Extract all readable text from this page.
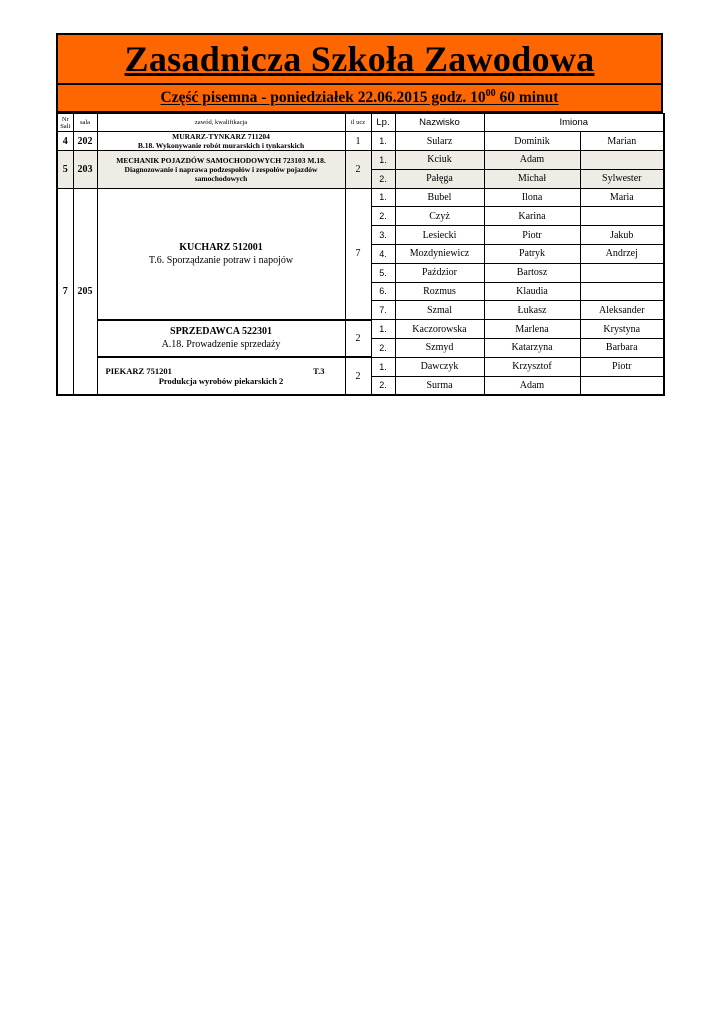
Zasadnicza Szkoła Zawodowa
Część pisemna - poniedziałek 22.06.2015 godz. $10^{00}$ 60 minut
Nr Sali	sala	zawód, kwalifikacja	il ucz	Lp.	Nazwisko	Imiona	
4	202	MURARZ-TYNKARZ 711204
B.18. Wykonywanie robót murarskich i tynkarskich	1	1.	Sularz	Dominik	Marian
5	203	MECHANIK POJAZDÓW SAMOCHODOWYCH 723103 M.18.
Diagnozowanie i naprawa podzespołów i zespołów pojazdów
samochodowych	2	1.	Kciuk	Adam	
				2.	Pałęga	Michał	Sylwester
7	205	KUCHARZ 512001
T.6. Sporządzanie potraw i napojów	7	1.	Bubel	Ilona	Maria
				2.	Czyż	Karina	
				3.	Lesiecki	Piotr	Jakub
				4.	Mozdyniewicz	Patryk	Andrzej
				5.	Paździor	Bartosz	
				6.	Rozmus	Klaudia	
				7.	Szmal	Łukasz	Aleksander

		SPRZEDAWCA 522301
A.18. Prowadzenie sprzedaży	2	1.	Kaczorowska	Marlena	Krystyna
				2.	Szmyd	Katarzyna	Barbara

		PIEKARZ 751201 T.3
Produkcja wyrobów piekarskich 2	2	1.	Dawczyk	Krzysztof	Piotr
				2.	Surma	Adam	
